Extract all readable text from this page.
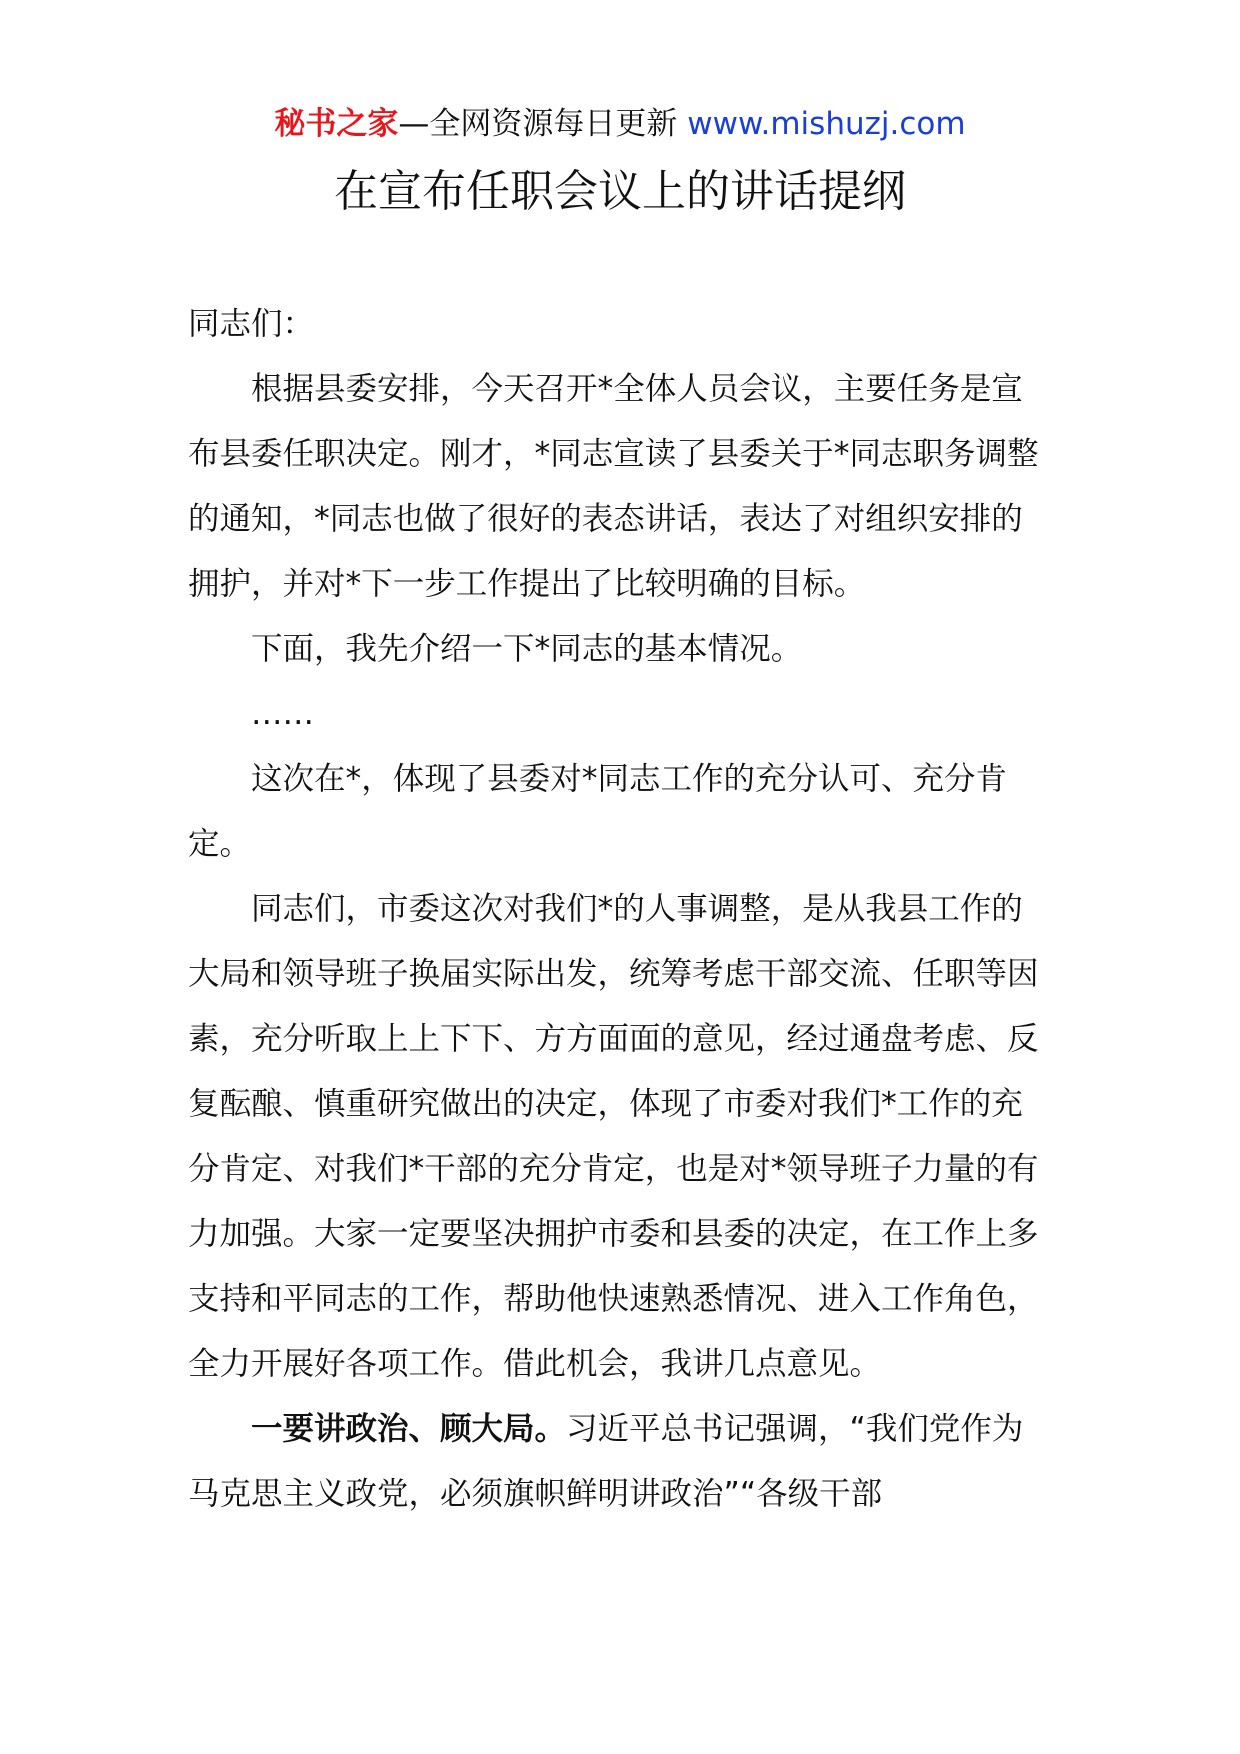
秘书之家—全网资源每日更新 www.mishuzj.com
在宣布任职会议上的讲话提纲

同志们：

根据县委安排，今天召开*全体人员会议，主要任务是宣布县委任职决定。刚才，*同志宣读了县委关于*同志职务调整的通知，*同志也做了很好的表态讲话，表达了对组织安排的拥护，并对*下一步工作提出了比较明确的目标。

下面，我先介绍一下*同志的基本情况。

……

这次在*，体现了县委对*同志工作的充分认可、充分肯定。

同志们，市委这次对我们*的人事调整，是从我县工作的大局和领导班子换届实际出发，统筹考虑干部交流、任职等因素，充分听取上上下下、方方面面的意见，经过通盘考虑、反复酝酿、慎重研究做出的决定，体现了市委对我们*工作的充分肯定、对我们*干部的充分肯定，也是对*领导班子力量的有力加强。大家一定要坚决拥护市委和县委的决定，在工作上多支持和平同志的工作，帮助他快速熟悉情况、进入工作角色，全力开展好各项工作。借此机会，我讲几点意见。

一要讲政治、顾大局。习近平总书记强调，“我们党作为马克思主义政党，必须旗帜鲜明讲政治”“各级干部
